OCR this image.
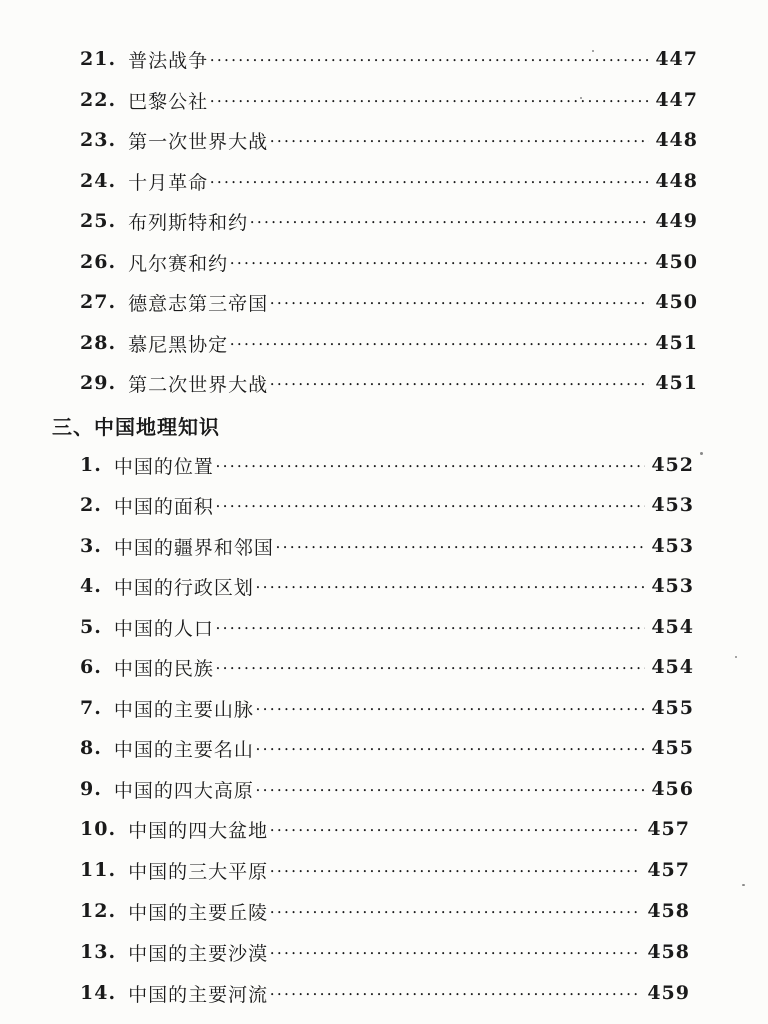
21. 普法战争 •••••	447
22. 巴黎公社 •••••	447
23. 第一次世界大战 •••••	448
24. 十月革命 •••••	448
25. 布列斯特和约 •••••	449
26. 凡尔赛和约 •••••	450
27. 德意志第三帝国 •••••	450
28. 慕尼黑协定 •••••	451
29. 第二次世界大战 •••••	451
三、中国地理知识
1. 中国的位置 •••••	452
2. 中国的面积 •••••	453
3. 中国的疆界和邻国 •••••	453
4. 中国的行政区划 •••••	453
5. 中国的人口 •••••	454
6. 中国的民族 •••••	454
7. 中国的主要山脉 •••••	455
8. 中国的主要名山 •••••	455
9. 中国的四大高原 •••••	456
10. 中国的四大盆地 •••••	457
11. 中国的三大平原 •••••	457
12. 中国的主要丘陵 •••••	458
13. 中国的主要沙漠 •••••	458
14. 中国的主要河流 •••••	459
